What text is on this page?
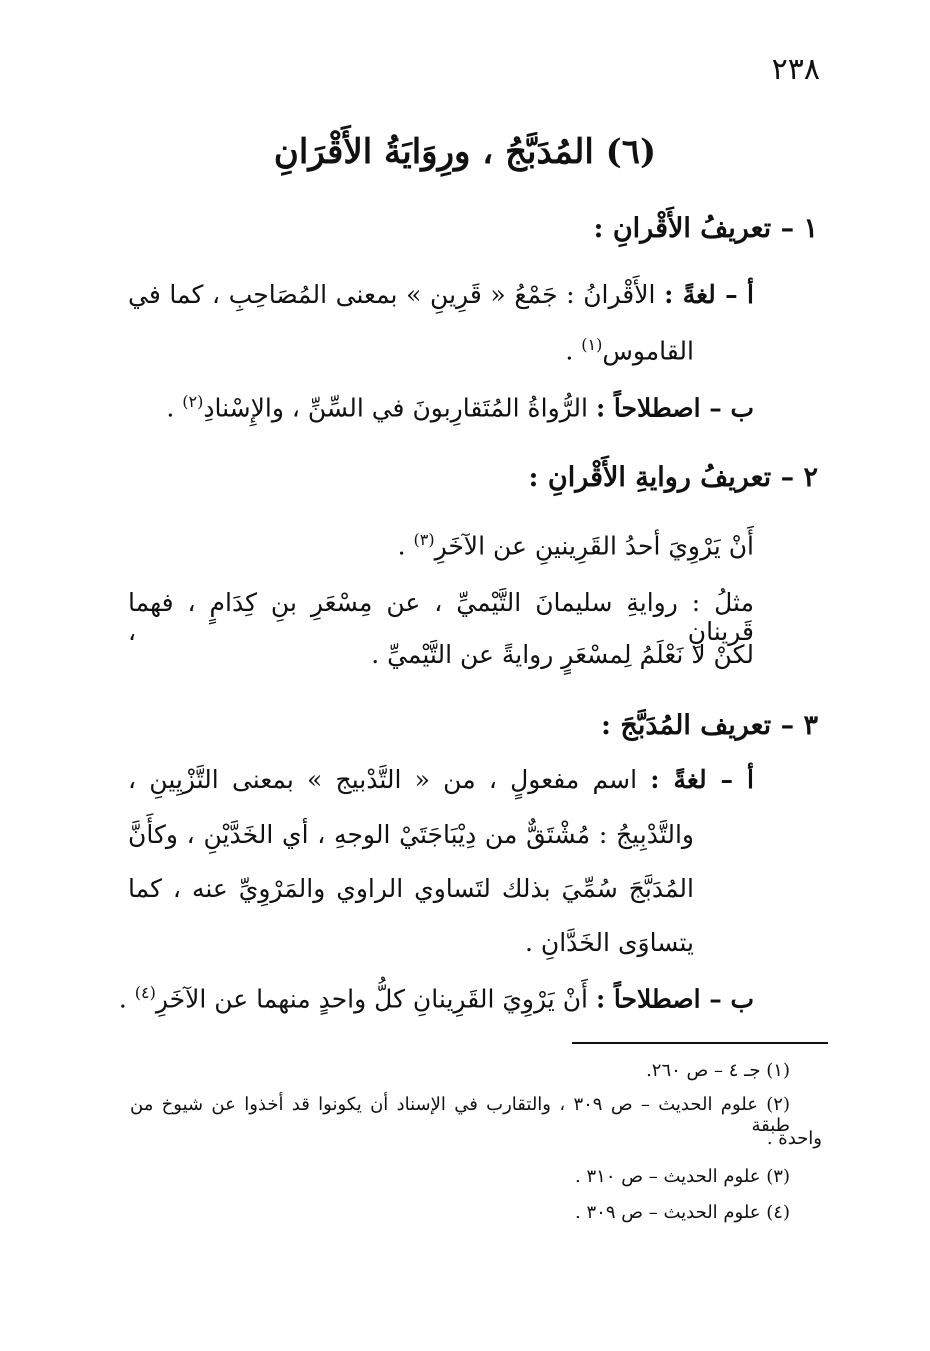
٢٣٨
(٦) المُدَبَّجُ ، ورِوَايَةُ الأَقْرَانِ
١ – تعريفُ الأَقْرانِ :
أ – لغةً : الأَقْرانُ : جَمْعُ « قَرِينِ » بمعنى المُصَاحِبِ ، كما في
القاموس$^{(١)}$ .
ب – اصطلاحاً : الرُّواةُ المُتَقارِبونَ في السِّنِّ ، والإِسْنادِ$^{(٢)}$ .
٢ – تعريفُ روايةِ الأَقْرانِ :
أَنْ يَرْوِيَ أحدُ القَرِينينِ عن الآخَرِ$^{(٣)}$ .
مثلُ : روايةِ سليمانَ التَّيْميِّ ، عن مِسْعَرِ بنِ كِدَامٍ ، فهما قَرينانِ ،
لكنْ لا نَعْلَمُ لِمسْعَرٍ روايةً عن التَّيْميِّ .
٣ – تعريف المُدَبَّجَ :
أ – لغةً : اسم مفعولٍ ، من « التَّدْبيج » بمعنى التَّزْيِينِ ،
والتَّدْبِيجُ : مُشْتَقٌّ من دِيْبَاجَتَيْ الوجهِ ، أي الخَدَّيْنِ ، وكأَنَّ
المُدَبَّجَ سُمِّيَ بذلك لتَساوي الراوي والمَرْوِيِّ عنه ، كما
يتساوَى الخَدَّانِ .
ب – اصطلاحاً : أَنْ يَرْوِيَ القَرِينانِ كلُّ واحدٍ منهما عن الآخَرِ$^{(٤)}$ .
(١) جـ ٤ – ص ٢٦٠.
(٢) علوم الحديث – ص ٣٠٩ ، والتقارب في الإسناد أن يكونوا قد أخذوا عن شيوخ من طبقة
واحدة .
(٣) علوم الحديث – ص ٣١٠ .
(٤) علوم الحديث – ص ٣٠٩ .
